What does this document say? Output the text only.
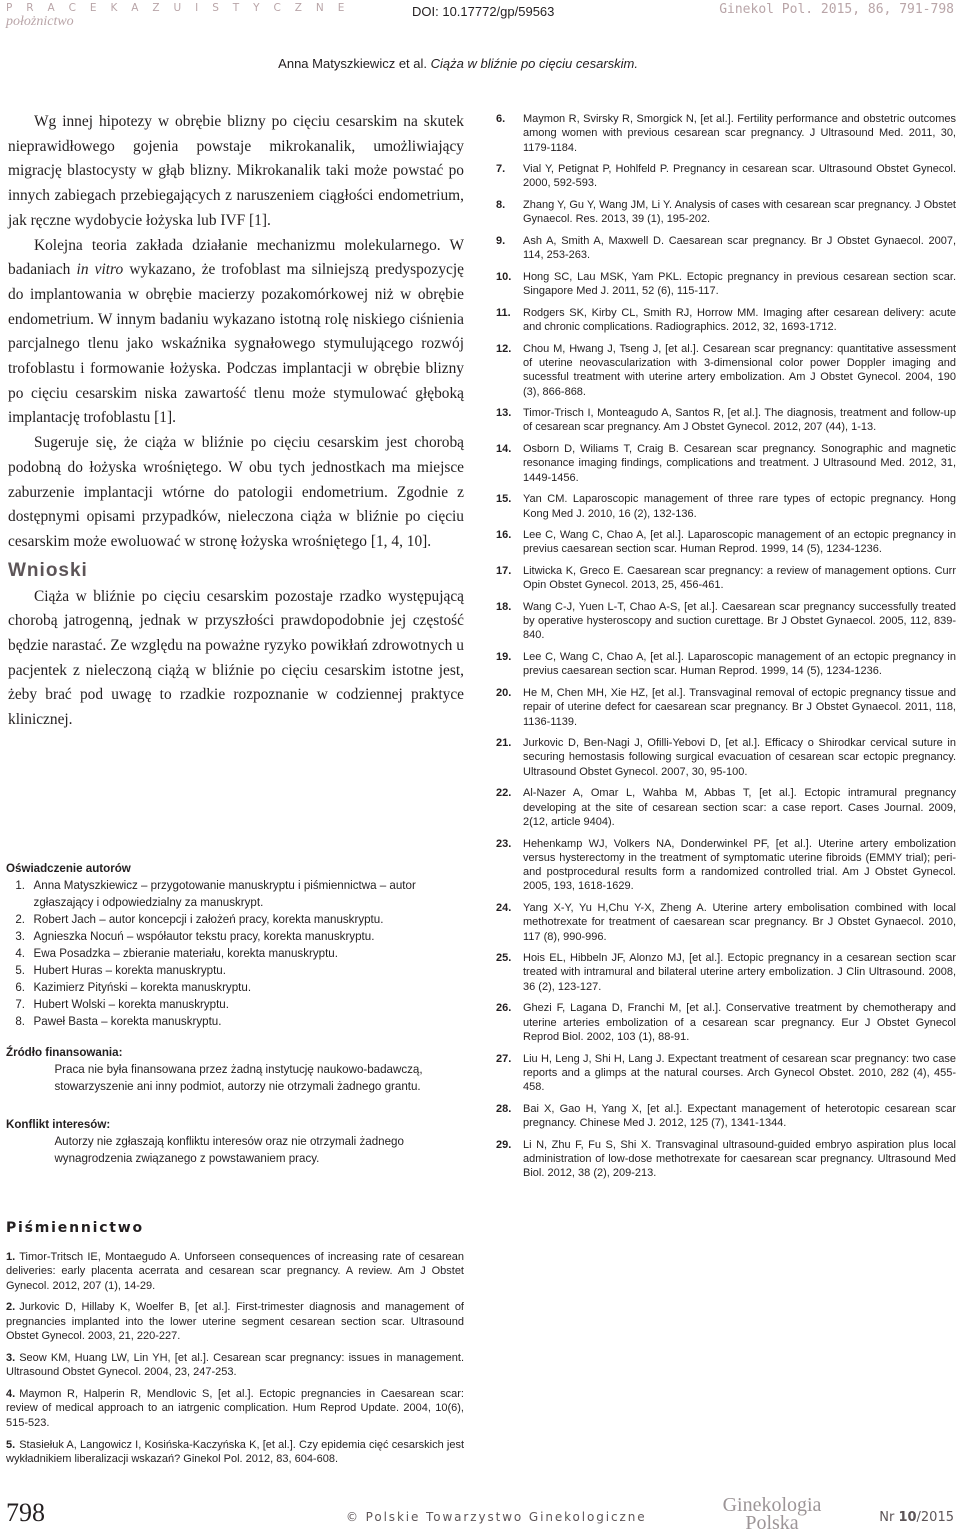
P R A C E K A Z U I S T Y C Z N E
położnictwo
DOI: 10.17772/gp/59563	Ginekol Pol. 2015, 86, 791-798
Anna Matyszkiewicz et al. Ciąża w bliźnie po cięciu cesarskim.

Wg innej hipotezy w obrębie blizny po cięciu cesarskim na skutek nieprawidłowego gojenia powstaje mikrokanalik, umożliwiający migrację blastocysty w głąb blizny. Mikrokanalik taki może powstać po innych zabiegach przebiegających z naruszeniem ciągłości endometrium, jak ręczne wydobycie łożyska lub IVF [1].

Kolejna teoria zakłada działanie mechanizmu molekularnego. W badaniach in vitro wykazano, że trofoblast ma silniejszą predyspozycję do implantowania w obrębie macierzy pozakomórkowej niż w obrębie endometrium. W innym badaniu wykazano istotną rolę niskiego ciśnienia parcjalnego tlenu jako wskaźnika sygnałowego stymulującego rozwój trofoblastu i formowanie łożyska. Podczas implantacji w obrębie blizny po cięciu cesarskim niska zawartość tlenu może stymulować głęboką implantację trofoblastu [1].

Sugeruje się, że ciąża w bliźnie po cięciu cesarskim jest chorobą podobną do łożyska wrośniętego. W obu tych jednostkach ma miejsce zaburzenie implantacji wtórne do patologii endometrium. Zgodnie z dostępnymi opisami przypadków, nieleczona ciąża w bliźnie po cięciu cesarskim może ewoluować w stronę łożyska wrośniętego [1, 4, 10].

Wnioski

Ciąża w bliźnie po cięciu cesarskim pozostaje rzadko występującą chorobą jatrogenną, jednak w przyszłości prawdopodobnie jej częstość będzie narastać. Ze względu na poważne ryzyko powikłań zdrowotnych u pacjentek z nieleczoną ciążą w bliźnie po cięciu cesarskim istotne jest, żeby brać pod uwagę to rzadkie rozpoznanie w codziennej praktyce klinicznej.

Oświadczenie autorów
1. Anna Matyszkiewicz – przygotowanie manuskryptu i piśmiennictwa – autor zgłaszający i odpowiedzialny za manuskrypt.
2. Robert Jach – autor koncepcji i założeń pracy, korekta manuskryptu.
3. Agnieszka Nocuń – współautor tekstu pracy, korekta manuskryptu.
4. Ewa Posadzka – zbieranie materiału, korekta manuskryptu.
5. Hubert Huras – korekta manuskryptu.
6. Kazimierz Pityński – korekta manuskryptu.
7. Hubert Wolski – korekta manuskryptu.
8. Paweł Basta – korekta manuskryptu.
Źródło finansowania:
Praca nie była finansowana przez żadną instytucję naukowo-badawczą, stowarzyszenie ani inny podmiot, autorzy nie otrzymali żadnego grantu.
Konflikt interesów:
Autorzy nie zgłaszają konfliktu interesów oraz nie otrzymali żadnego wynagrodzenia związanego z powstawaniem pracy.
Piśmiennictwo
1. Timor-Tritsch IE, Montaegudo A. Unforseen consequences of increasing rate of cesarean deliveries: early placenta acerrata and cesarean scar pregnancy. A review. Am J Obstet Gynecol. 2012, 207 (1), 14-29.
2. Jurkovic D, Hillaby K, Woelfer B, [et al.]. First-trimester diagnosis and management of pregnancies implanted into the lower uterine segment cesarean section scar. Ultrasound Obstet Gynecol. 2003, 21, 220-227.
3. Seow KM, Huang LW, Lin YH, [et al.]. Cesarean scar pregnancy: issues in management. Ultrasound Obstet Gynecol. 2004, 23, 247-253.
4. Maymon R, Halperin R, Mendlovic S, [et al.]. Ectopic pregnancies in Caesarean scar: review of medical approach to an iatrgenic complication. Hum Reprod Update. 2004, 10(6), 515-523.
5. Stasiełuk A, Langowicz I, Kosińska-Kaczyńska K, [et al.]. Czy epidemia cięć cesarskich jest wykładnikiem liberalizacji wskazań? Ginekol Pol. 2012, 83, 604-608.
6. Maymon R, Svirsky R, Smorgick N, [et al.]. Fertility performance and obstetric outcomes among women with previous cesarean scar pregnancy. J Ultrasound Med. 2011, 30, 1179-1184.
7. Vial Y, Petignat P, Hohlfeld P. Pregnancy in cesarean scar. Ultrasound Obstet Gynecol. 2000, 592-593.
8. Zhang Y, Gu Y, Wang JM, Li Y. Analysis of cases with cesarean scar pregnancy. J Obstet Gynaecol. Res. 2013, 39 (1), 195-202.
9. Ash A, Smith A, Maxwell D. Caesarean scar pregnancy. Br J Obstet Gynaecol. 2007, 114, 253-263.
10. Hong SC, Lau MSK, Yam PKL. Ectopic pregnancy in previous cesarean section scar. Singapore Med J. 2011, 52 (6), 115-117.
11. Rodgers SK, Kirby CL, Smith RJ, Horrow MM. Imaging after cesarean delivery: acute and chronic complications. Radiographics. 2012, 32, 1693-1712.
12. Chou M, Hwang J, Tseng J, [et al.]. Cesarean scar pregnancy: quantitative assessment of uterine neovascularization with 3-dimensional color power Doppler imaging and sucessful treatment with uterine artery embolization. Am J Obstet Gynecol. 2004, 190 (3), 866-868.
13. Timor-Trisch I, Monteagudo A, Santos R, [et al.]. The diagnosis, treatment and follow-up of cesarean scar pregnancy. Am J Obstet Gynecol. 2012, 207 (44), 1-13.
14. Osborn D, Wiliams T, Craig B. Cesarean scar pregnancy. Sonographic and magnetic resonance imaging findings, complications and treatment. J Ultrasound Med. 2012, 31, 1449-1456.
15. Yan CM. Laparoscopic management of three rare types of ectopic pregnancy. Hong Kong Med J. 2010, 16 (2), 132-136.
16. Lee C, Wang C, Chao A, [et al.]. Laparoscopic management of an ectopic pregnancy in previus caesarean section scar. Human Reprod. 1999, 14 (5), 1234-1236.
17. Litwicka K, Greco E. Caesarean scar pregnancy: a review of management options. Curr Opin Obstet Gynecol. 2013, 25, 456-461.
18. Wang C-J, Yuen L-T, Chao A-S, [et al.]. Caesarean scar pregnancy successfully treated by operative hysteroscopy and suction curettage. Br J Obstet Gynaecol. 2005, 112, 839-840.
19. Lee C, Wang C, Chao A, [et al.]. Laparoscopic management of an ectopic pregnancy in previus caesarean section scar. Human Reprod. 1999, 14 (5), 1234-1236.
20. He M, Chen MH, Xie HZ, [et al.]. Transvaginal removal of ectopic pregnancy tissue and repair of uterine defect for caesarean scar pregnancy. Br J Obstet Gynaecol. 2011, 118, 1136-1139.
21. Jurkovic D, Ben-Nagi J, Ofilli-Yebovi D, [et al.]. Efficacy o Shirodkar cervical suture in securing hemostasis following surgical evacuation of cesarean scar ectopic pregnancy. Ultrasound Obstet Gynecol. 2007, 30, 95-100.
22. Al-Nazer A, Omar L, Wahba M, Abbas T, [et al.]. Ectopic intramural pregnancy developing at the site of cesarean section scar: a case report. Cases Journal. 2009, 2(12, article 9404).
23. Hehenkamp WJ, Volkers NA, Donderwinkel PF, [et al.]. Uterine artery embolization versus hysterectomy in the treatment of symptomatic uterine fibroids (EMMY trial); peri- and postprocedural results form a randomized controlled trial. Am J Obstet Gynecol. 2005, 193, 1618-1629.
24. Yang X-Y, Yu H,Chu Y-X, Zheng A. Uterine artery embolisation combined with local methotrexate for treatment of caesarean scar pregnancy. Br J Obstet Gynaecol. 2010, 117 (8), 990-996.
25. Hois EL, Hibbeln JF, Alonzo MJ, [et al.]. Ectopic pregnancy in a cesarean section scar treated with intramural and bilateral uterine artery embolization. J Clin Ultrasound. 2008, 36 (2), 123-127.
26. Ghezi F, Lagana D, Franchi M, [et al.]. Conservative treatment by chemotherapy and uterine arteries embolization of a cesarean scar pregnancy. Eur J Obstet Gynecol Reprod Biol. 2002, 103 (1), 88-91.
27. Liu H, Leng J, Shi H, Lang J. Expectant treatment of cesarean scar pregnancy: two case reports and a glimps at the natural courses. Arch Gynecol Obstet. 2010, 282 (4), 455-458.
28. Bai X, Gao H, Yang X, [et al.]. Expectant management of heterotopic cesarean scar pregnancy. Chinese Med J. 2012, 125 (7), 1341-1344.
29. Li N, Zhu F, Fu S, Shi X. Transvaginal ultrasound-guided embryo aspiration plus local administration of low-dose methotrexate for caesarean scar pregnancy. Ultrasound Med Biol. 2012, 38 (2), 209-213.
798	© Polskie Towarzystwo Ginekologiczne
Ginekologia
Polska	Nr 10/2015
